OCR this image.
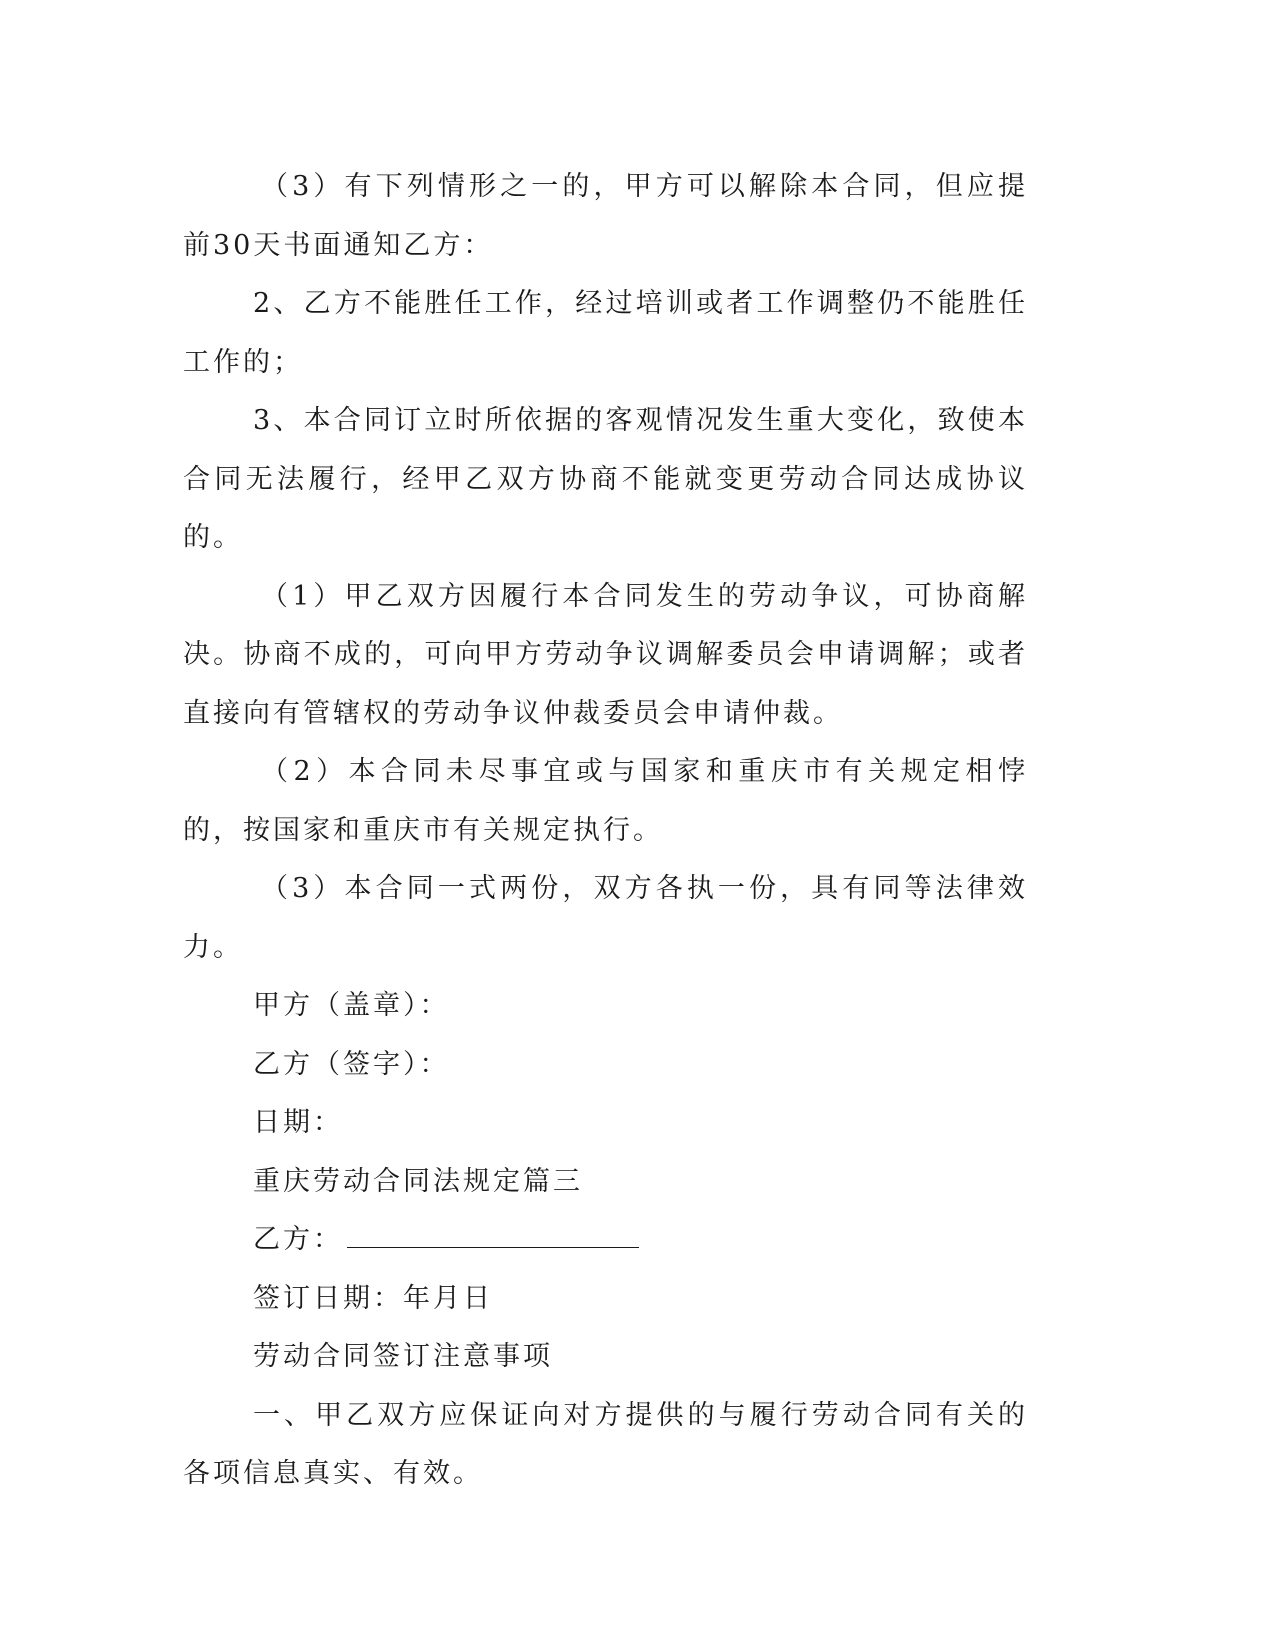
（3）有下列情形之一的，甲方可以解除本合同，但应提前30天书面通知乙方：

2、乙方不能胜任工作，经过培训或者工作调整仍不能胜任工作的；

3、本合同订立时所依据的客观情况发生重大变化，致使本合同无法履行，经甲乙双方协商不能就变更劳动合同达成协议的。

（1）甲乙双方因履行本合同发生的劳动争议，可协商解决。协商不成的，可向甲方劳动争议调解委员会申请调解；或者直接向有管辖权的劳动争议仲裁委员会申请仲裁。

（2）本合同未尽事宜或与国家和重庆市有关规定相悖的，按国家和重庆市有关规定执行。

（3）本合同一式两份，双方各执一份，具有同等法律效力。

甲方（盖章）：

乙方（签字）：

日期：

重庆劳动合同法规定篇三

乙方：

签订日期：年月日

劳动合同签订注意事项

一、甲乙双方应保证向对方提供的与履行劳动合同有关的各项信息真实、有效。
